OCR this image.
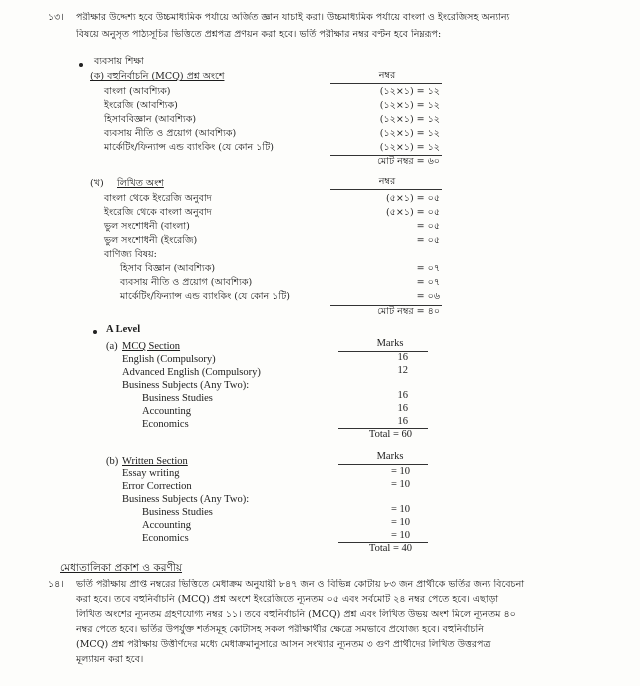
১৩। পরীক্ষার উদ্দেশ্য হবে উচ্চমাধ্যমিক পর্যায়ে অর্জিত জ্ঞান যাচাই করা। উচ্চমাধ্যমিক পর্যায়ে বাংলা ও ইংরেজিসহ অন্যান্য
বিষয়ে অনুসৃত পাঠ্যসূচির ভিত্তিতে প্রশ্নপত্র প্রণয়ন করা হবে। ভর্তি পরীক্ষার নম্বর বণ্টন হবে নিম্নরূপ:
ব্যবসায় শিক্ষা
(ক) বহুনির্বাচনি (MCQ) প্রশ্ন অংশে	নম্বর
বাংলা (আবশ্যিক)	(১২×১) = ১২
ইংরেজি (আবশ্যিক)	(১২×১) = ১২
হিসাববিজ্ঞান (আবশ্যিক)	(১২×১) = ১২
ব্যবসায় নীতি ও প্রয়োগ (আবশ্যিক)	(১২×১) = ১২
মার্কেটিং/ফিন্যান্স এন্ড ব্যাংকিং (যে কোন ১টি)	(১২×১) = ১২
মোট নম্বর = ৬০
(খ) লিখিত অংশ	নম্বর
বাংলা থেকে ইংরেজি অনুবাদ	(৫×১) = ০৫
ইংরেজি থেকে বাংলা অনুবাদ	(৫×১) = ০৫
ভুল সংশোধনী (বাংলা)	= ০৫
ভুল সংশোধনী (ইংরেজি)	= ০৫
বাণিজ্য বিষয়:
হিসাব বিজ্ঞান (আবশ্যিক)	= ০৭
ব্যবসায় নীতি ও প্রয়োগ (আবশ্যিক)	= ০৭
মার্কেটিং/ফিন্যান্স এন্ড ব্যাংকিং (যে কোন ১টি)	= ০৬
মোট নম্বর = ৪০
A Level
(a) MCQ Section	Marks
English (Compulsory)	16
Advanced English (Compulsory)	12
Business Subjects (Any Two):
Business Studies	16
Accounting	16
Economics	16
Total = 60
(b) Written Section	Marks
Essay writing	= 10
Error Correction	= 10
Business Subjects (Any Two):
Business Studies	= 10
Accounting	= 10
Economics	= 10
Total = 40
মেধাতালিকা প্রকাশ ও করণীয়
১৪। ভর্তি পরীক্ষায় প্রাপ্ত নম্বরের ভিত্তিতে মেধাক্রম অনুযায়ী ৮৪৭ জন ও বিভিন্ন কোটায় ৮৩ জন প্রার্থীকে ভর্তির জন্য বিবেচনা
করা হবে। তবে বহুনির্বাচনি (MCQ) প্রশ্ন অংশে ইংরেজিতে ন্যূনতম ০৫ এবং সর্বমোট ২৪ নম্বর পেতে হবে। এছাড়া
লিখিত অংশের ন্যূনতম গ্রহণযোগ্য নম্বর ১১। তবে বহুনির্বাচনি (MCQ) প্রশ্ন এবং লিখিত উভয় অংশ মিলে ন্যূনতম ৪০
নম্বর পেতে হবে। ভর্তির উপর্যুক্ত শর্তসমূহ কোটাসহ সকল পরীক্ষার্থীর ক্ষেত্রে সমভাবে প্রযোজ্য হবে। বহুনির্বাচনি
(MCQ) প্রশ্ন পরীক্ষায় উত্তীর্ণদের মধ্যে মেধাক্রমানুসারে আসন সংখ্যার ন্যূনতম ৩ গুণ প্রার্থীদের লিখিত উত্তরপত্র
মূল্যায়ন করা হবে।
